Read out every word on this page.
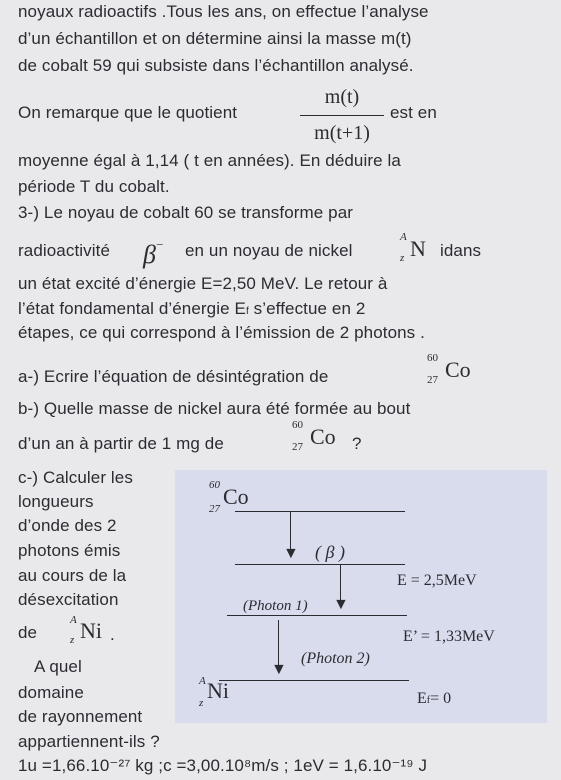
noyaux radioactifs .Tous les ans, on effectue l’analyse
d’un échantillon et on détermine ainsi la masse m(t)
de cobalt 59 qui subsiste dans l’échantillon analysé.
On remarque que le quotient
m(t)
m(t+1)
est en
moyenne égal à 1,14 ( t en années). En déduire la
période T du cobalt.
3-) Le noyau de cobalt 60 se transforme par
radioactivité β− en un noyau de nickel
A
z N idans
un état excité d’énergie E=2,50 MeV. Le retour à
l’état fondamental d’énergie Ef s’effectue en 2
étapes, ce qui correspond à l’émission de 2 photons .
a-) Ecrire l’équation de désintégration de
60
27 Co
b-) Quelle masse de nickel aura été formée au bout
d’un an à partir de 1 mg de
60
27 Co ?
60
27 Co
▼ ( β )
▼
E = 2,5MeV
(Photon 1)
▼
E’ = 1,33MeV
(Photon 2)
A
z Ni	Ef= 0
c-) Calculer les
longueurs
d’onde des 2
photons émis
au cours de la
désexcitation
de
A
z Ni .
A quel
domaine
de rayonnement
appartiennent-ils ?
1u =1,66.10⁻²⁷ kg ;c =3,00.10⁸m/s ; 1eV = 1,6.10⁻¹⁹ J
